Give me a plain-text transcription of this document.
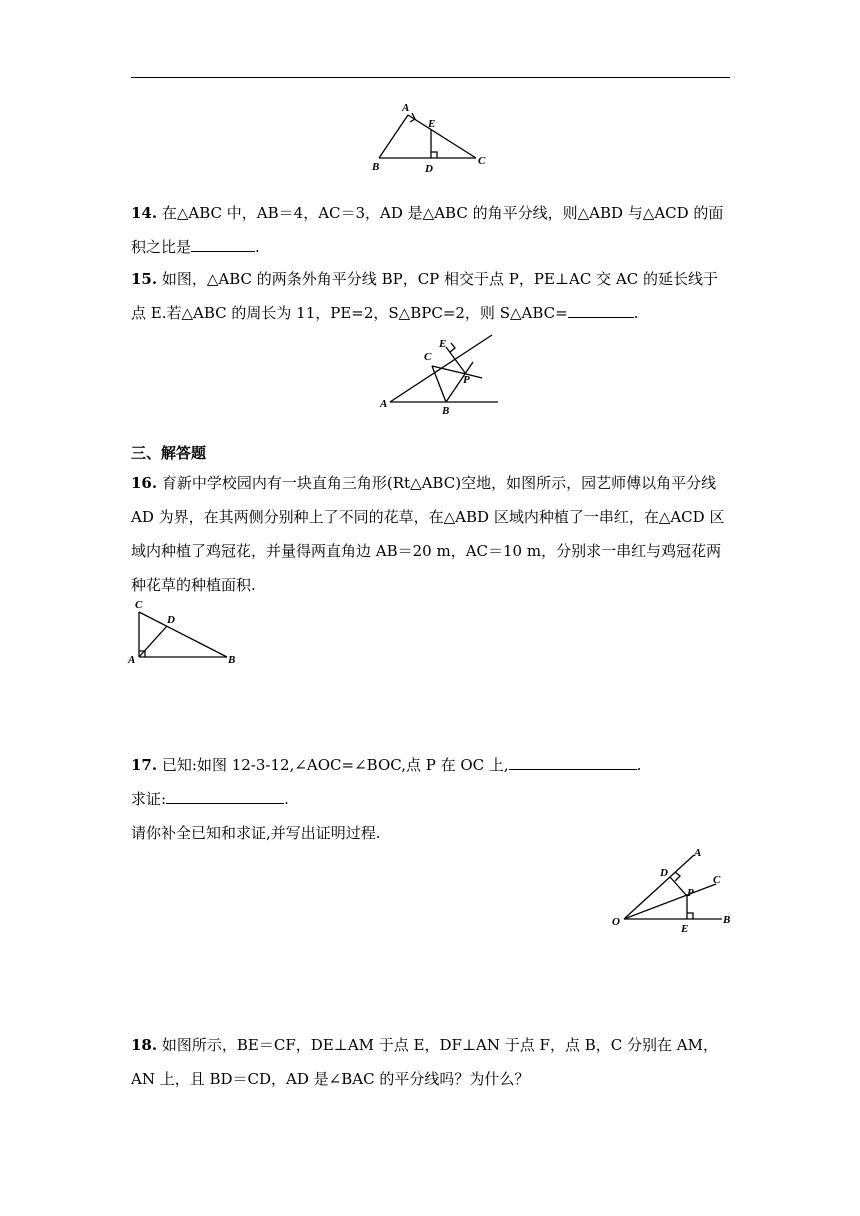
A
E
B	D
C
14. 在△ABC 中，AB＝4，AC＝3，AD 是△ABC 的角平分线，则△ABD 与△ACD 的面积之比是	.
15. 如图，△ABC 的两条外角平分线 BP，CP 相交于点 P，PE⊥AC 交 AC 的延长线于点 E.若△ABC 的周长为 11，PE=2，S△BPC=2，则 S△ABC=	.
E
C
P
A
B
三、解答题
16. 育新中学校园内有一块直角三角形(Rt△ABC)空地，如图所示，园艺师傅以角平分线 AD 为界，在其两侧分别种上了不同的花草，在△ABD 区域内种植了一串红，在△ACD 区域内种植了鸡冠花，并量得两直角边 AB＝20 m，AC＝10 m，分别求一串红与鸡冠花两种花草的种植面积.
C
D
A	B
17. 已知:如图 12-3-12,∠AOC=∠BOC,点 P 在 OC 上,	.
求证:	.
请你补全已知和求证,并写出证明过程.
A
D
P
C
O
E
B
18. 如图所示，BE＝CF，DE⊥AM 于点 E，DF⊥AN 于点 F，点 B，C 分别在 AM，AN 上，且 BD＝CD，AD 是∠BAC 的平分线吗？为什么？
